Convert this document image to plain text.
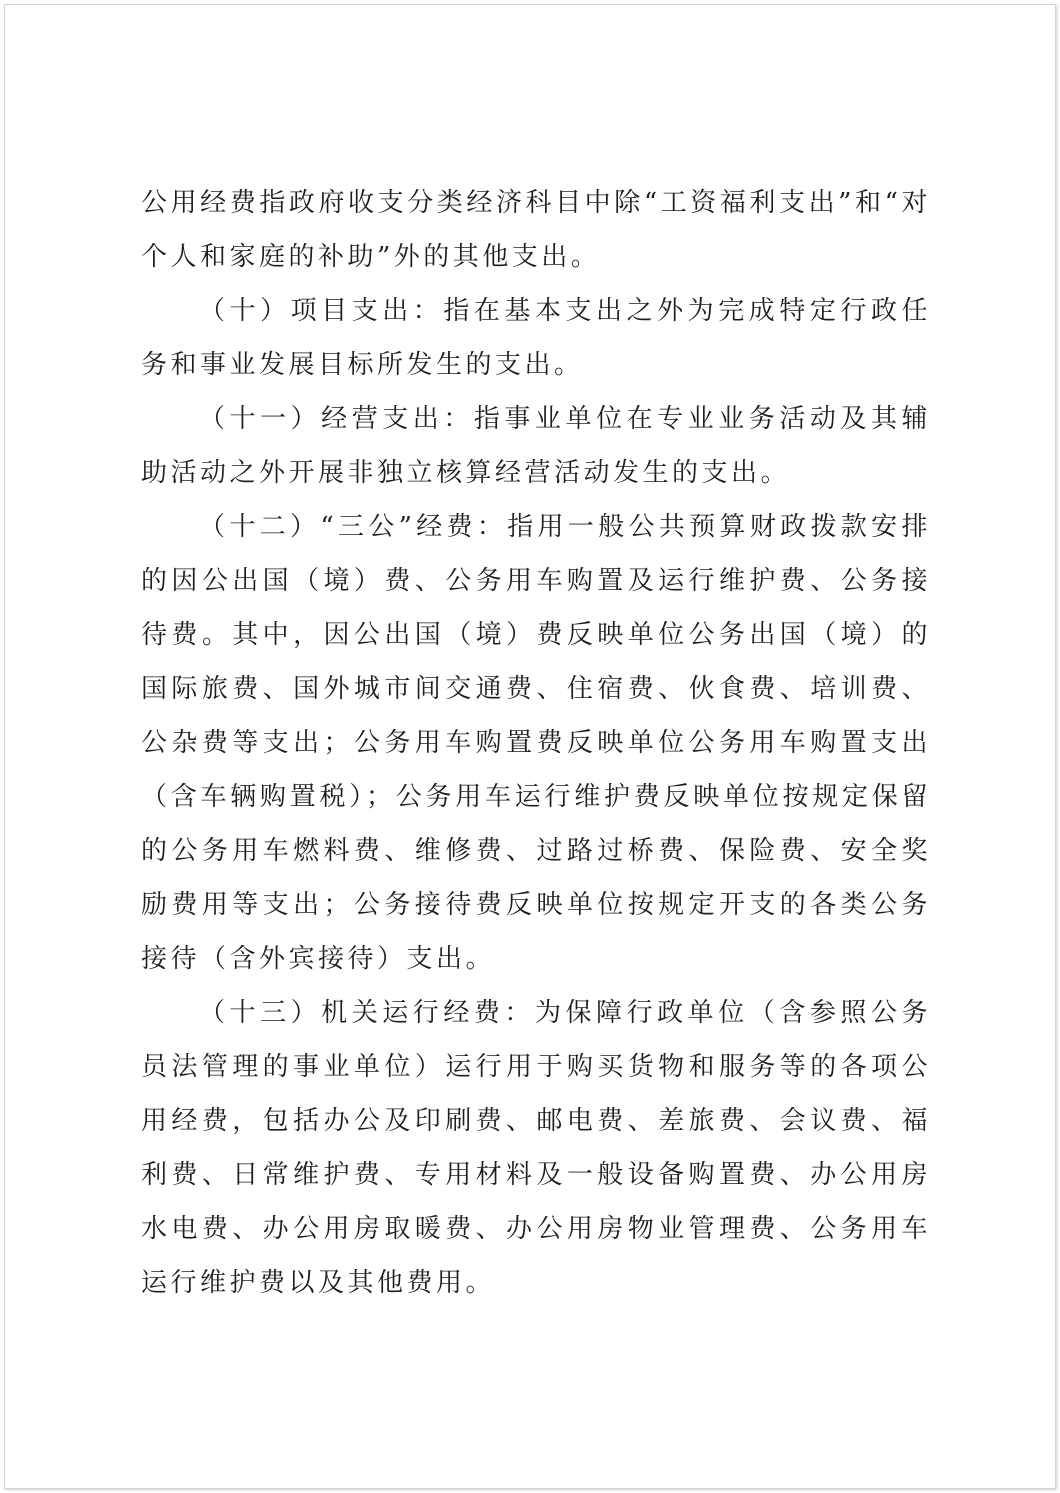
公用经费指政府收支分类经济科目中除“工资福利支出”和“对个人和家庭的补助”外的其他支出。

（十）项目支出：指在基本支出之外为完成特定行政任务和事业发展目标所发生的支出。

（十一）经营支出：指事业单位在专业业务活动及其辅助活动之外开展非独立核算经营活动发生的支出。

（十二）“三公”经费：指用一般公共预算财政拨款安排的因公出国（境）费、公务用车购置及运行维护费、公务接待费。其中，因公出国（境）费反映单位公务出国（境）的国际旅费、国外城市间交通费、住宿费、伙食费、培训费、公杂费等支出；公务用车购置费反映单位公务用车购置支出（含车辆购置税）；公务用车运行维护费反映单位按规定保留的公务用车燃料费、维修费、过路过桥费、保险费、安全奖励费用等支出；公务接待费反映单位按规定开支的各类公务接待（含外宾接待）支出。

（十三）机关运行经费：为保障行政单位（含参照公务员法管理的事业单位）运行用于购买货物和服务等的各项公用经费，包括办公及印刷费、邮电费、差旅费、会议费、福利费、日常维护费、专用材料及一般设备购置费、办公用房水电费、办公用房取暖费、办公用房物业管理费、公务用车运行维护费以及其他费用。
